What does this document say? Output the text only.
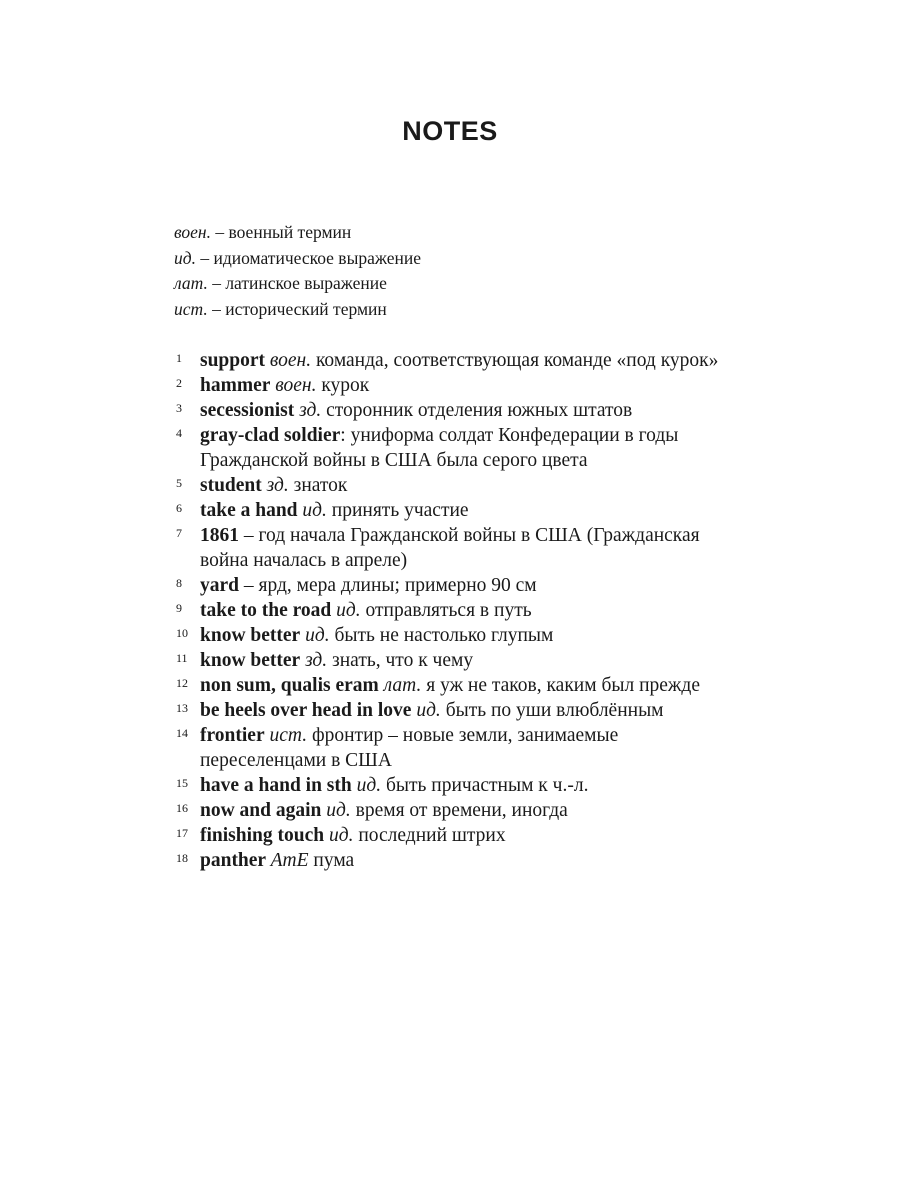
NOTES
воен. – военный термин
ид. – идиоматическое выражение
лат. – латинское выражение
ист. – исторический термин
1 support воен. команда, соответствующая команде «под курок»
2 hammer воен. курок
3 secessionist зд. сторонник отделения южных штатов
4 gray-clad soldier: униформа солдат Конфедерации в годы Гражданской войны в США была серого цвета
5 student зд. знаток
6 take a hand ид. принять участие
7 1861 – год начала Гражданской войны в США (Гражданская война началась в апреле)
8 yard – ярд, мера длины; примерно 90 см
9 take to the road ид. отправляться в путь
10 know better ид. быть не настолько глупым
11 know better зд. знать, что к чему
12 non sum, qualis eram лат. я уж не таков, каким был прежде
13 be heels over head in love ид. быть по уши влюблённым
14 frontier ист. фронтир – новые земли, занимаемые переселенцами в США
15 have a hand in sth ид. быть причастным к ч.-л.
16 now and again ид. время от времени, иногда
17 finishing touch ид. последний штрих
18 panther AmE пума
